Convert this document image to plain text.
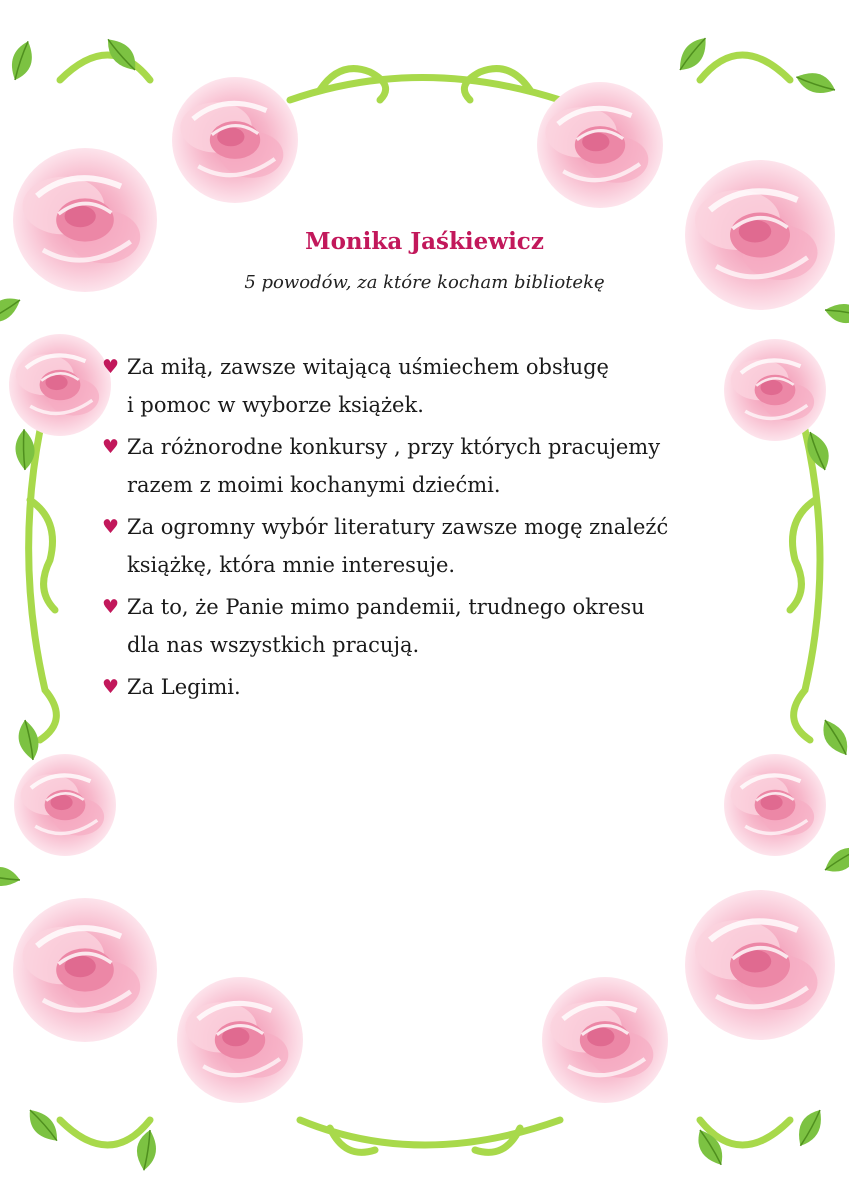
Monika Jaśkiewicz

5 powodów, za które kocham bibliotekę

♥ Za miłą, zawsze witającą uśmiechem obsługę
i pomoc w wyborze książek.
♥ Za różnorodne konkursy , przy których pracujemy
razem z moimi kochanymi dziećmi.
♥ Za ogromny wybór literatury zawsze mogę znaleźć
książkę, która mnie interesuje.
♥ Za to, że Panie mimo pandemii, trudnego okresu
dla nas wszystkich pracują.
♥ Za Legimi.
